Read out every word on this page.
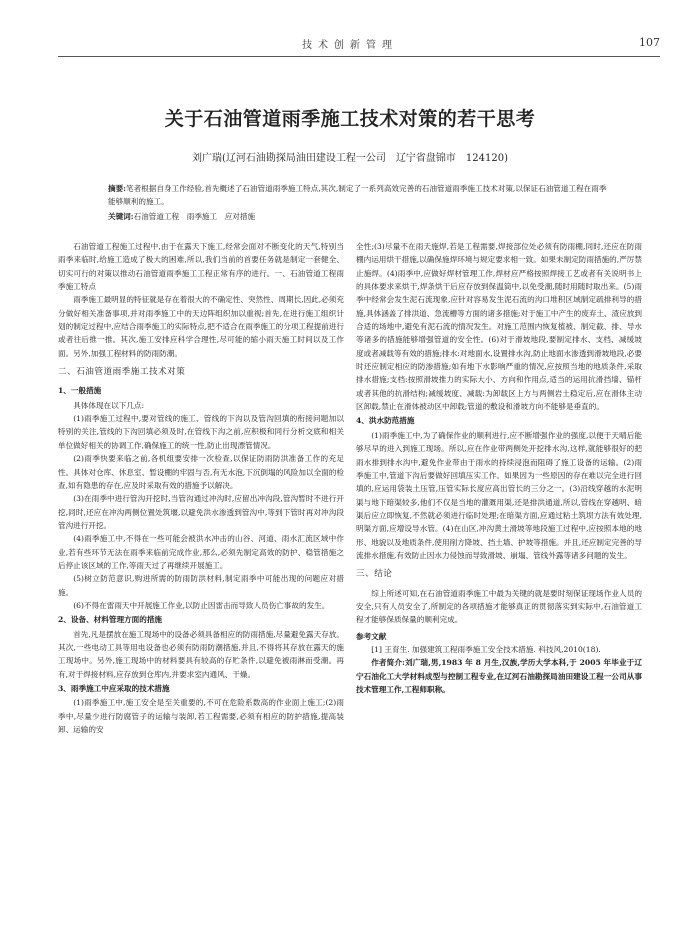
技术创新管理	107
关于石油管道雨季施工技术对策的若干思考
刘广瑞(辽河石油勘探局油田建设工程一公司　辽宁省盘锦市　124120)
摘要:笔者根据自身工作经验,首先概述了石油管道雨季施工特点,其次,制定了一系列高效完善的石油管道雨季施工技术对策,以保证石油管道工程在雨季能够顺利的施工。
关键词:石油管道工程　雨季施工　应对措施

石油管道工程施工过程中,由于在露天下施工,经常会面对不断变化的天气,特别当雨季来临时,给施工造成了极大的困难,所以,我们当前的首要任务就是制定一套健全、切实可行的对策以推动石油管道雨季施工工程正常有序的进行。一、石油管道工程雨季施工特点

雨季施工最明显的特征就是存在着很大的不确定性、突然性、周期长,因此,必须充分做好相关准备事项,并对雨季施工中的天边阵组织加以重视;首先,在进行施工组织计划的制定过程中,应结合雨季施工的实际特点,把不适合在雨季施工的分项工程提前进行或者往后推一推。其次,施工安排应科学合理性,尽可能的缩小雨天施工时间以及工作面。另外,加强工程材料的防雨防潮。

二、石油管道雨季施工技术对策
1、一般措施

具体体现在以下几点:

(1)雨季施工过程中,要对管线的施工、管线的下沟以及管沟回填的衔接问题加以特别的关注,管线的下沟回填必须及时,在管线下沟之前,应积极和同行分析交底和相关单位做好相关的协调工作,确保施工的统一性,防止出现漂管情况。

(2)雨季快要来临之前,各机组要安排一次检查,以保证防雨防洪准备工作的充足性。具体对仓库、休息室、暂设棚的牢固与否,有无水泡,下沉倒塌的风险加以全面的检查,如有隐患的存在,应及时采取有效的措施予以解决。

(3)在雨季中进行管沟开挖时,当管沟通过冲沟时,应留出冲沟段,管沟暂时不进行开挖,同时,还应在冲沟两侧位置处筑堰,以避免洪水渗透到管沟中,等到下管时再对冲沟段管沟进行开挖。

(4)雨季施工中,不得在一些可能会被洪水冲击的山谷、河道、雨水汇流区域中作业,若有些环节无法在雨季来临前完成作业,那么,必须先制定高效的防护、稳管措施之后停止该区域的工作,等雨天过了再继续开展施工。

(5)树立防范意识,购进所需的防雨防洪材料,制定雨季中可能出现的问题应对措施。

(6)不得在雷雨天中开展施工作业,以防止因雷击而导致人员伤亡事故的发生。

2、设备、材料管理方面的措施

首先,凡是摆放在施工现场中的设备必须具备相应的防雨措施,尽量避免露天存放。其次,一些电动工具等用电设备也必须有防雨防潮措施,并且,不得将其存放在露天的施工现场中。另外,施工现场中的材料要具有较高的存贮条件,以避免被雨淋而受潮。再有,对于焊接材料,应存放到仓库内,并要求室内通风、干燥。

3、雨季施工中应采取的技术措施

(1)雨季施工中,施工安全是至关重要的,不可在危险系数高的作业面上施工;(2)雨季中,尽量少进行防腐管子的运输与装卸,若工程需要,必须有相应的防护措施,提高装卸、运输的安

全性;(3)尽量不在雨天施焊,若是工程需要,焊接部位处必须有防雨棚,同时,还应在防雨棚内运用烘干措施,以确保施焊环境与规定要求相一致。如果未制定防雨措施的,严厉禁止施焊。(4)雨季中,应做好焊材管理工作,焊材应严格按照焊接工艺或者有关说明书上的具体要求来烘干,焊条烘干后应存放到保温筒中,以免受潮,随时用随时取出来。(5)雨季中经常会发生泥石流现象,应针对容易发生泥石流的沟口堆积区域制定疏排利导的措施,具体涵盖了排洪道、急流槽等方面的诸多措施;对于施工中产生的废弃土、渣应放到合适的场地中,避免有泥石流的情况发生。对施工范围内恢复植被、制定截、排、导水等诸多的措施能够增强管道的安全性。(6)对于滑坡地段,要制定排水、支档、减缓坡度或者减载等有效的措施;排水:对地面水,设置排水沟,防止地面水渗透到滑坡地段,必要时还应制定相应的防渗措施;如有地下水影响严重的情况,应按照当地的地质条件,采取排水措施;支档:按照滑坡推力的实际大小、方向和作用点,适当的运用抗滑挡墙、锚杆或者其他的抗滑结构;减缓坡度、减载:为卸载区上方与两侧岩土稳定后,应在滑体主动区卸载,禁止在滑体被动区中卸载;管道的敷设和滑坡方向不能够是垂直的。

4、洪水防范措施

(1)雨季施工中,为了确保作业的顺利进行,应不断增强作业的强度,以便于天晴后能够尽早的进入到施工现场。所以,应在作业带两侧处开挖排水沟,这样,就能够很好的把雨水排到排水沟中,避免作业带由于雨水的持续浸泡而阻碍了施工设备的运输。(2)雨季施工中,管道下沟后要做好回填压实工作。如果因为一些原因的存在难以完全进行回填的,应运用袋装土压管,压管实际长度应高出管长的三分之一。(3)沿线穿越的水泥明渠与地下暗渠较多,他们不仅是当地的灌溉用渠,还是排洪通道,所以,管线在穿越明、暗渠后应立即恢复,不然就必须进行临时处理;在暗渠方面,应通过粘土筑坝方法有效处理,明渠方面,应增设导水管。(4)在山区,冲沟黄土滑坡等地段施工过程中,应按照本地的地形、地貌以及地质条件,使用削方降坡、挡土墙、护坡等措施。并且,还应制定完善的导流排水措施,有效防止因水力侵蚀而导致滑坡、崩塌、管线外露等诸多问题的发生。

三、结论

综上所述可知,在石油管道雨季施工中最为关键的就是要时刻保证现场作业人员的安全,只有人员安全了,所制定的各项措施才能够真正的贯彻落实到实际中,石油管道工程才能够保质保量的顺利完成。

参考文献

[1] 王育生. 加强建筑工程雨季施工安全技术措施. 科技风,2010(18).

作者简介:刘广瑞,男,1983 年 8 月生,汉族,学历大学本科,于 2005 年毕业于辽宁石油化工大学材料成型与控制工程专业,在辽河石油勘探局油田建设工程一公司从事技术管理工作,工程师职称。
